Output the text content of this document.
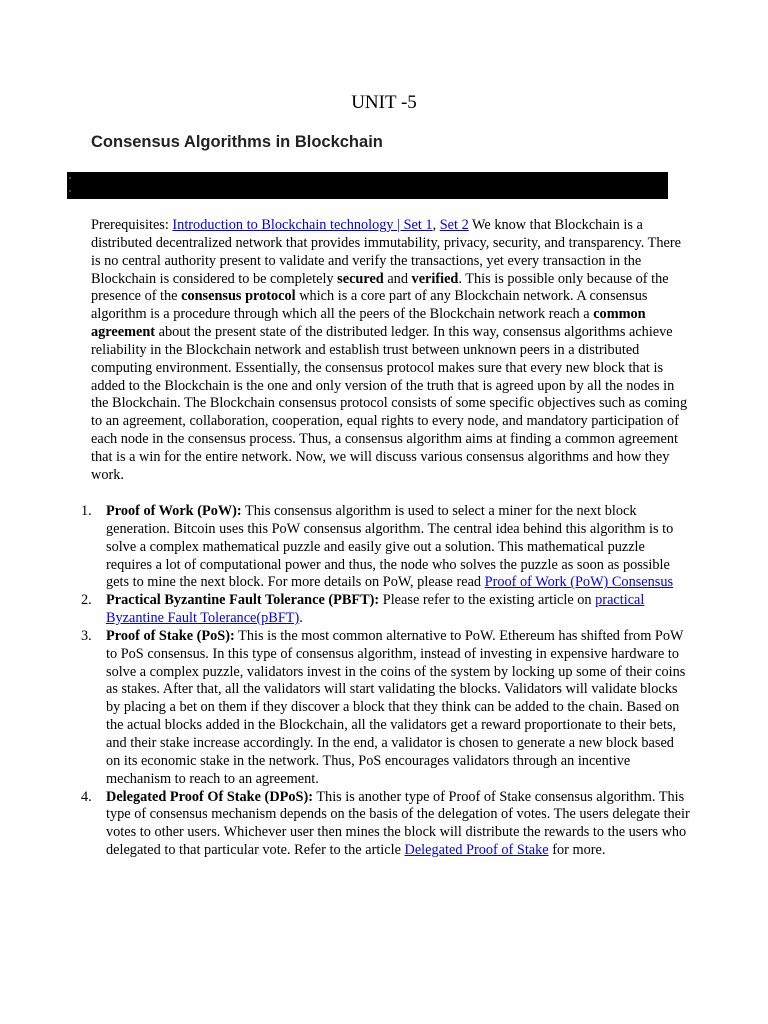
UNIT -5
Consensus Algorithms in Blockchain

Prerequisites: Introduction to Blockchain technology | Set 1, Set 2 We know that Blockchain is a distributed decentralized network that provides immutability, privacy, security, and transparency. There is no central authority present to validate and verify the transactions, yet every transaction in the Blockchain is considered to be completely secured and verified. This is possible only because of the presence of the consensus protocol which is a core part of any Blockchain network. A consensus algorithm is a procedure through which all the peers of the Blockchain network reach a common agreement about the present state of the distributed ledger. In this way, consensus algorithms achieve reliability in the Blockchain network and establish trust between unknown peers in a distributed computing environment. Essentially, the consensus protocol makes sure that every new block that is added to the Blockchain is the one and only version of the truth that is agreed upon by all the nodes in the Blockchain. The Blockchain consensus protocol consists of some specific objectives such as coming to an agreement, collaboration, cooperation, equal rights to every node, and mandatory participation of each node in the consensus process. Thus, a consensus algorithm aims at finding a common agreement that is a win for the entire network. Now, we will discuss various consensus algorithms and how they work.

1. Proof of Work (PoW): This consensus algorithm is used to select a miner for the next block generation. Bitcoin uses this PoW consensus algorithm. The central idea behind this algorithm is to solve a complex mathematical puzzle and easily give out a solution. This mathematical puzzle requires a lot of computational power and thus, the node who solves the puzzle as soon as possible gets to mine the next block. For more details on PoW, please read Proof of Work (PoW) Consensus
2. Practical Byzantine Fault Tolerance (PBFT): Please refer to the existing article on practical Byzantine Fault Tolerance(pBFT).
3. Proof of Stake (PoS): This is the most common alternative to PoW. Ethereum has shifted from PoW to PoS consensus. In this type of consensus algorithm, instead of investing in expensive hardware to solve a complex puzzle, validators invest in the coins of the system by locking up some of their coins as stakes. After that, all the validators will start validating the blocks. Validators will validate blocks by placing a bet on them if they discover a block that they think can be added to the chain. Based on the actual blocks added in the Blockchain, all the validators get a reward proportionate to their bets, and their stake increase accordingly. In the end, a validator is chosen to generate a new block based on its economic stake in the network. Thus, PoS encourages validators through an incentive mechanism to reach to an agreement.
4. Delegated Proof Of Stake (DPoS): This is another type of Proof of Stake consensus algorithm. This type of consensus mechanism depends on the basis of the delegation of votes. The users delegate their votes to other users. Whichever user then mines the block will distribute the rewards to the users who delegated to that particular vote. Refer to the article Delegated Proof of Stake for more.
